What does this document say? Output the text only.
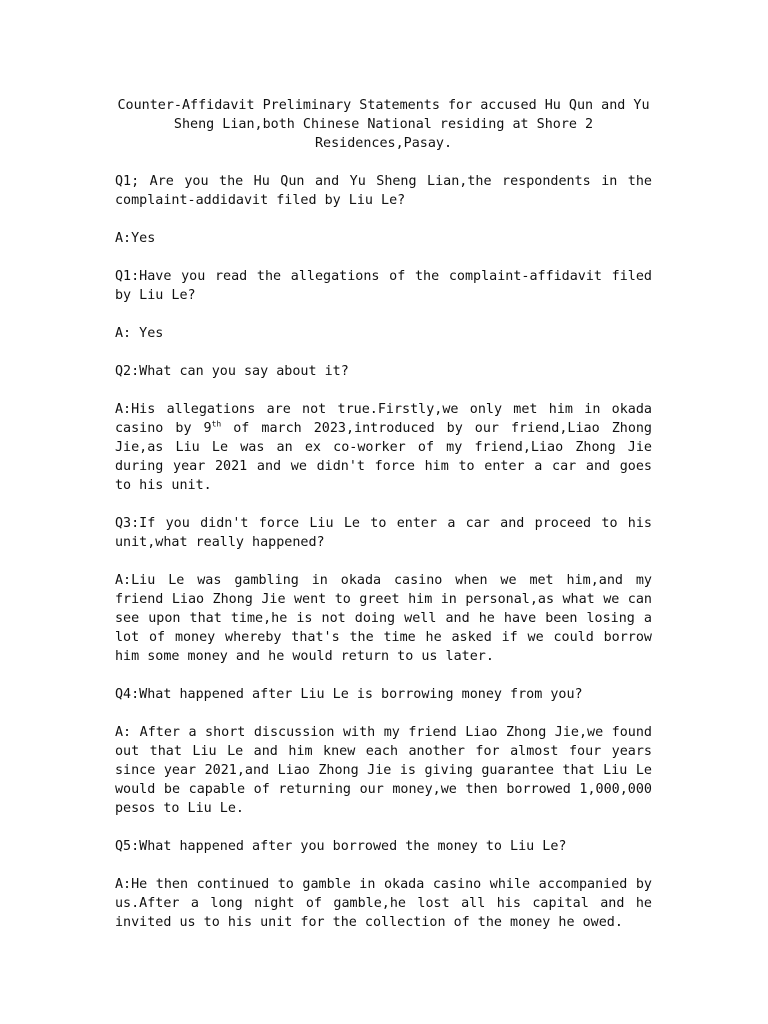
Counter-Affidavit Preliminary Statements for accused Hu Qun and Yu
Sheng Lian,both Chinese National residing at Shore 2
Residences,Pasay.

Q1; Are you the Hu Qun and Yu Sheng Lian,the respondents in the complaint-addidavit filed by Liu Le?

A:Yes

Q1:Have you read the allegations of the complaint-affidavit filed by Liu Le?

A: Yes

Q2:What can you say about it?

A:His allegations are not true.Firstly,we only met him in okada casino by 9th of march 2023,introduced by our friend,Liao Zhong Jie,as Liu Le was an ex co-worker of my friend,Liao Zhong Jie during year 2021 and we didn't force him to enter a car and goes to his unit.

Q3:If you didn't force Liu Le to enter a car and proceed to his unit,what really happened?

A:Liu Le was gambling in okada casino when we met him,and my friend Liao Zhong Jie went to greet him in personal,as what we can see upon that time,he is not doing well and he have been losing a lot of money whereby that's the time he asked if we could borrow him some money and he would return to us later.

Q4:What happened after Liu Le is borrowing money from you?

A: After a short discussion with my friend Liao Zhong Jie,we found out that Liu Le and him knew each another for almost four years since year 2021,and Liao Zhong Jie is giving guarantee that Liu Le would be capable of returning our money,we then borrowed 1,000,000 pesos to Liu Le.

Q5:What happened after you borrowed the money to Liu Le?

A:He then continued to gamble in okada casino while accompanied by us.After a long night of gamble,he lost all his capital and he invited us to his unit for the collection of the money he owed.
